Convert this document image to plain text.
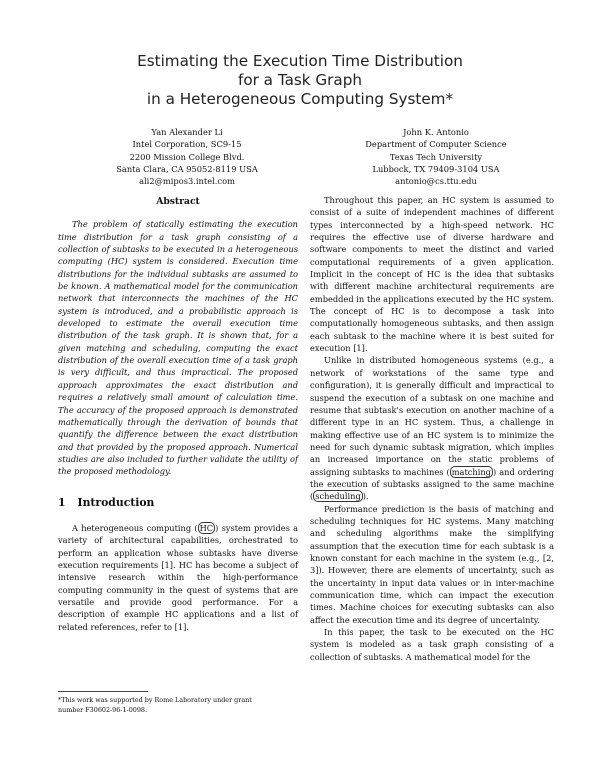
Estimating the Execution Time Distribution
for a Task Graph
in a Heterogeneous Computing System*
Yan Alexander Li
Intel Corporation, SC9-15
2200 Mission College Blvd.
Santa Clara, CA 95052-8119 USA
ali2@mipos3.intel.com
John K. Antonio
Department of Computer Science
Texas Tech University
Lubbock, TX 79409-3104 USA
antonio@cs.ttu.edu
Abstract

The problem of statically estimating the execution time distribution for a task graph consisting of a collection of subtasks to be executed in a heterogeneous computing (HC) system is considered. Execution time distributions for the individual subtasks are assumed to be known. A mathematical model for the communication network that interconnects the machines of the HC system is introduced, and a probabilistic approach is developed to estimate the overall execution time distribution of the task graph. It is shown that, for a given matching and scheduling, computing the exact distribution of the overall execution time of a task graph is very difficult, and thus impractical. The proposed approach approximates the exact distribution and requires a relatively small amount of calculation time. The accuracy of the proposed approach is demonstrated mathematically through the derivation of bounds that quantify the difference between the exact distribution and that provided by the proposed approach. Numerical studies are also included to further validate the utility of the proposed methodology.

1 Introduction

A heterogeneous computing ( HC ) system provides a variety of architectural capabilities, orchestrated to perform an application whose subtasks have diverse execution requirements [1]. HC has become a subject of intensive research within the high-performance computing community in the quest of systems that are versatile and provide good performance. For a description of example HC applications and a list of related references, refer to [1].

*This work was supported by Rome Laboratory under grant
number F30602-96-1-0098.

Throughout this paper, an HC system is assumed to consist of a suite of independent machines of different types interconnected by a high-speed network. HC requires the effective use of diverse hardware and software components to meet the distinct and varied computational requirements of a given application. Implicit in the concept of HC is the idea that subtasks with different machine architectural requirements are embedded in the applications executed by the HC system. The concept of HC is to decompose a task into computationally homogeneous subtasks, and then assign each subtask to the machine where it is best suited for execution [1].

Unlike in distributed homogeneous systems (e.g., a network of workstations of the same type and configuration), it is generally difficult and impractical to suspend the execution of a subtask on one machine and resume that subtask's execution on another machine of a different type in an HC system. Thus, a challenge in making effective use of an HC system is to minimize the need for such dynamic subtask migration, which implies an increased importance on the static problems of assigning subtasks to machines ( matching ) and ordering the execution of subtasks assigned to the same machine ( scheduling ).

Performance prediction is the basis of matching and scheduling techniques for HC systems. Many matching and scheduling algorithms make the simplifying assumption that the execution time for each subtask is a known constant for each machine in the system (e.g., [2, 3]). However, there are elements of uncertainty, such as the uncertainty in input data values or in inter-machine communication time, which can impact the execution times. Machine choices for executing subtasks can also affect the execution time and its degree of uncertainty.

In this paper, the task to be executed on the HC system is modeled as a task graph consisting of a collection of subtasks. A mathematical model for the
